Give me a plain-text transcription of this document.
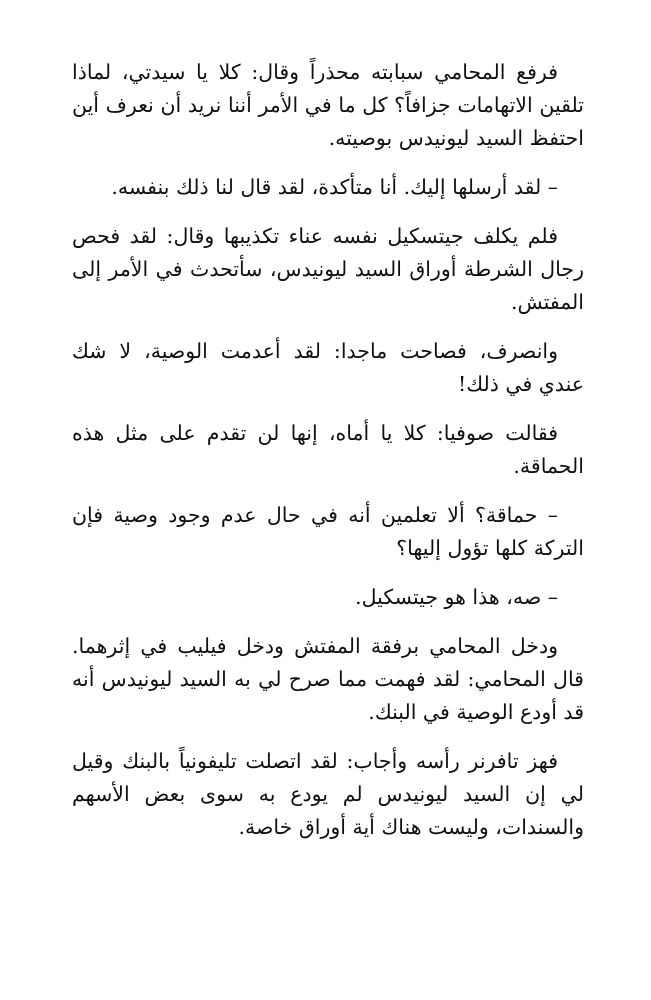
فرفع المحامي سبابته محذراً وقال: كلا يا سيدتي، لماذا تلقين الاتهامات جزافاً؟ كل ما في الأمر أننا نريد أن نعرف أين احتفظ السيد ليونيدس بوصيته.

– لقد أرسلها إليك. أنا متأكدة، لقد قال لنا ذلك بنفسه.

فلم يكلف جيتسكيل نفسه عناء تكذيبها وقال: لقد فحص رجال الشرطة أوراق السيد ليونيدس، سأتحدث في الأمر إلى المفتش.

وانصرف، فصاحت ماجدا: لقد أعدمت الوصية، لا شك عندي في ذلك!

فقالت صوفيا: كلا يا أماه، إنها لن تقدم على مثل هذه الحماقة.

– حماقة؟ ألا تعلمين أنه في حال عدم وجود وصية فإن التركة كلها تؤول إليها؟

– صه، هذا هو جيتسكيل.

ودخل المحامي برفقة المفتش ودخل فيليب في إثرهما. قال المحامي: لقد فهمت مما صرح لي به السيد ليونيدس أنه قد أودع الوصية في البنك.

فهز تافرنر رأسه وأجاب: لقد اتصلت تليفونياً بالبنك وقيل لي إن السيد ليونيدس لم يودع به سوى بعض الأسهم والسندات، وليست هناك أية أوراق خاصة.
